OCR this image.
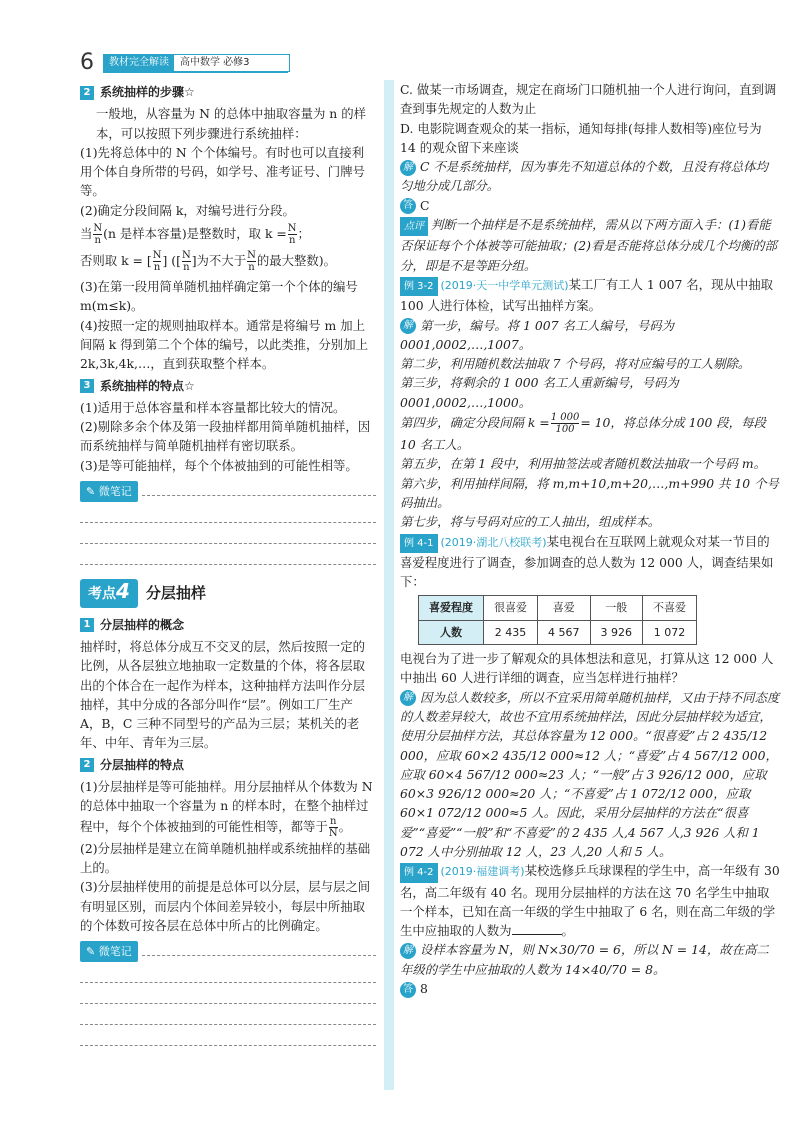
6	教材完全解读	高中数学 必修3
2 系统抽样的步骤☆

一般地，从容量为 N 的总体中抽取容量为 n 的样本，可以按照下列步骤进行系统抽样：

(1)先将总体中的 N 个个体编号。有时也可以直接利用个体自身所带的号码，如学号、准考证号、门牌号等。

(2)确定分段间隔 k，对编号进行分段。

当 $\frac{N}{n} (n$ 是样本容量)是整数时，取 $k = \frac{N}{n}$ ；

否则取 k = [ $\frac{N}{n}$ ] ([ $\frac{N}{n}$ ]为不大于 $\frac{N}{n}$ 的最大整数)。

(3)在第一段用简单随机抽样确定第一个个体的编号 m(m≤k)。

(4)按照一定的规则抽取样本。通常是将编号 m 加上间隔 k 得到第二个个体的编号，以此类推，分别加上 2k,3k,4k,…，直到获取整个样本。

3 系统抽样的特点☆

(1)适用于总体容量和样本容量都比较大的情况。

(2)剔除多余个体及第一段抽样都用简单随机抽样，因而系统抽样与简单随机抽样有密切联系。

(3)是等可能抽样，每个个体被抽到的可能性相等。

✎ 微笔记
考点4	分层抽样
1 分层抽样的概念

抽样时，将总体分成互不交叉的层，然后按照一定的比例，从各层独立地抽取一定数量的个体，将各层取出的个体合在一起作为样本，这种抽样方法叫作分层抽样，其中分成的各部分叫作“层”。例如工厂生产 A，B，C 三种不同型号的产品为三层；某机关的老年、中年、青年为三层。

2 分层抽样的特点

(1)分层抽样是等可能抽样。用分层抽样从个体数为 N 的总体中抽取一个容量为 n 的样本时，在整个抽样过程中，每个个体被抽到的可能性相等，都等于 $\frac{n}{N}$ 。

(2)分层抽样是建立在简单随机抽样或系统抽样的基础上的。

(3)分层抽样使用的前提是总体可以分层，层与层之间有明显区别，而层内个体间差异较小，每层中所抽取的个体数可按各层在总体中所占的比例确定。

✎ 微笔记

C. 做某一市场调查，规定在商场门口随机抽一个人进行询问，直到调查到事先规定的人数为止

D. 电影院调查观众的某一指标，通知每排(每排人数相等)座位号为 14 的观众留下来座谈

解 C 不是系统抽样，因为事先不知道总体的个数，且没有将总体均匀地分成几部分。

答 C

点评 判断一个抽样是不是系统抽样，需从以下两方面入手：(1)看能否保证每个个体被等可能抽取；(2)看是否能将总体分成几个均衡的部分，即是不是等距分组。

例 3-2 (2019·天一中学单元测试)某工厂有工人 1 007 名，现从中抽取 100 人进行体检，试写出抽样方案。

解 第一步，编号。将 1 007 名工人编号，号码为 0001,0002,…,1007。

第二步，利用随机数法抽取 7 个号码，将对应编号的工人剔除。

第三步，将剩余的 1 000 名工人重新编号，号码为 0001,0002,…,1000。

第四步，确定分段间隔 $k = \frac{1 000}{100} = 10$，将总体分成 100 段，每段 10 名工人。

第五步，在第 1 段中，利用抽签法或者随机数法抽取一个号码 m。

第六步，利用抽样间隔，将 m,m+10,m+20,…,m+990 共 10 个号码抽出。

第七步，将与号码对应的工人抽出，组成样本。

例 4-1 (2019·湖北八校联考)某电视台在互联网上就观众对某一节目的喜爱程度进行了调查，参加调查的总人数为 12 000 人，调查结果如下：

喜爱程度	很喜爱	喜爱	一般	不喜爱
人数	2 435	4 567	3 926	1 072

电视台为了进一步了解观众的具体想法和意见，打算从这 12 000 人中抽出 60 人进行详细的调查，应当怎样进行抽样？

解 因为总人数较多，所以不宜采用简单随机抽样，又由于持不同态度的人数差异较大，故也不宜用系统抽样法，因此分层抽样较为适宜，使用分层抽样方法，其总体容量为 12 000。“很喜爱”占 2 435/12 000，应取 60×2 435/12 000≈12 人；“喜爱”占 4 567/12 000，应取 60×4 567/12 000≈23 人；“一般”占 3 926/12 000，应取 60×3 926/12 000≈20 人；“不喜爱”占 1 072/12 000，应取 60×1 072/12 000≈5 人。因此，采用分层抽样的方法在“很喜爱”“喜爱”“一般”和“不喜爱”的 2 435 人,4 567 人,3 926 人和 1 072 人中分别抽取 12 人，23 人,20 人和 5 人。

例 4-2 (2019·福建调考)某校选修乒乓球课程的学生中，高一年级有 30 名，高二年级有 40 名。现用分层抽样的方法在这 70 名学生中抽取一个样本，已知在高一年级的学生中抽取了 6 名，则在高二年级的学生中应抽取的人数为	。

解 设样本容量为 N，则 N×30/70 = 6，所以 N = 14，故在高二年级的学生中应抽取的人数为 14×40/70 = 8。

答 8
